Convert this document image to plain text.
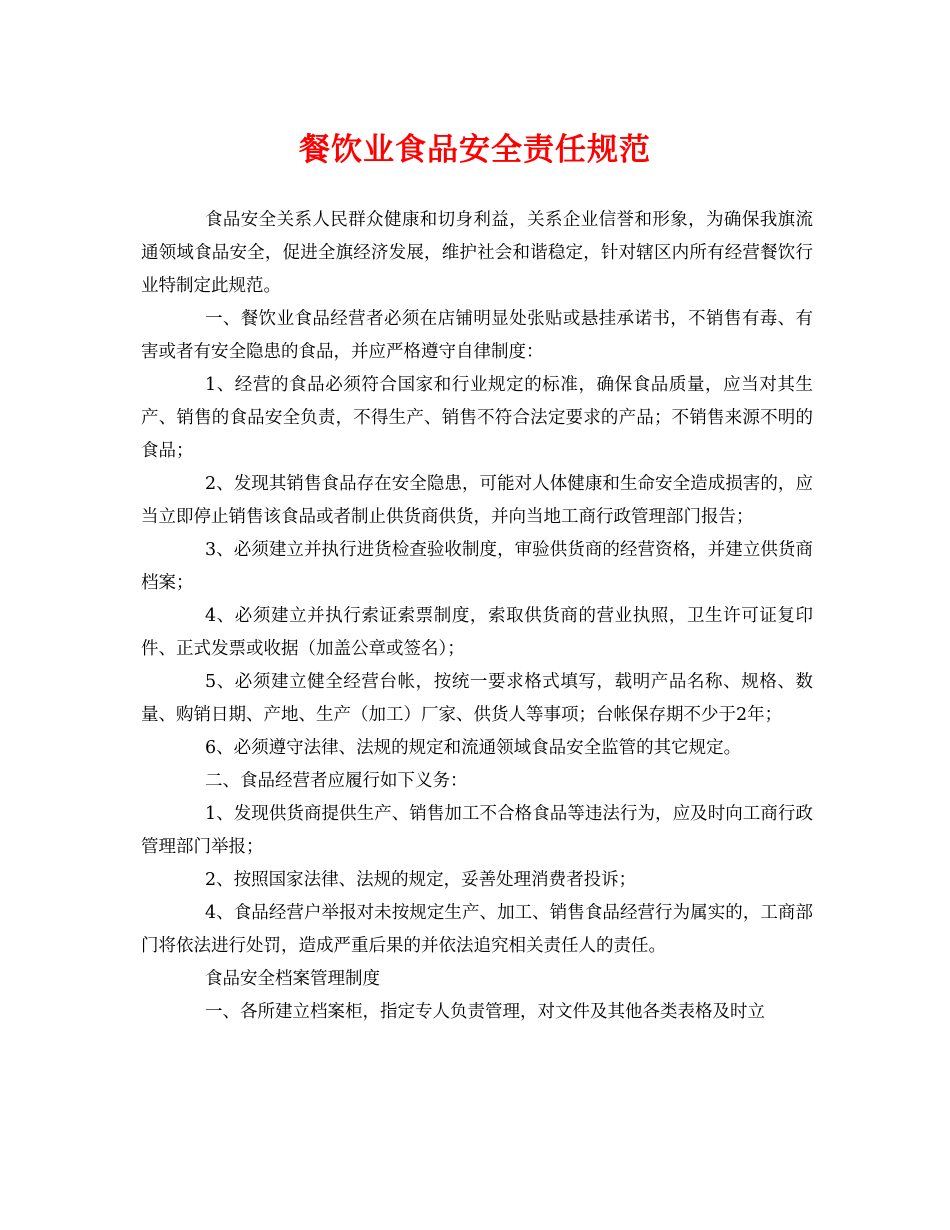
餐饮业食品安全责任规范

食品安全关系人民群众健康和切身利益，关系企业信誉和形象，为确保我旗流通领域食品安全，促进全旗经济发展，维护社会和谐稳定，针对辖区内所有经营餐饮行业特制定此规范。

一、餐饮业食品经营者必须在店铺明显处张贴或悬挂承诺书，不销售有毒、有害或者有安全隐患的食品，并应严格遵守自律制度：

1、经营的食品必须符合国家和行业规定的标准，确保食品质量，应当对其生产、销售的食品安全负责，不得生产、销售不符合法定要求的产品；不销售来源不明的食品；

2、发现其销售食品存在安全隐患，可能对人体健康和生命安全造成损害的，应当立即停止销售该食品或者制止供货商供货，并向当地工商行政管理部门报告；

3、必须建立并执行进货检查验收制度，审验供货商的经营资格，并建立供货商档案；

4、必须建立并执行索证索票制度，索取供货商的营业执照，卫生许可证复印件、正式发票或收据（加盖公章或签名）；

5、必须建立健全经营台帐，按统一要求格式填写，载明产品名称、规格、数量、购销日期、产地、生产（加工）厂家、供货人等事项；台帐保存期不少于2年；

6、必须遵守法律、法规的规定和流通领域食品安全监管的其它规定。

二、食品经营者应履行如下义务：

1、发现供货商提供生产、销售加工不合格食品等违法行为，应及时向工商行政管理部门举报；

2、按照国家法律、法规的规定，妥善处理消费者投诉；

4、食品经营户举报对未按规定生产、加工、销售食品经营行为属实的，工商部门将依法进行处罚，造成严重后果的并依法追究相关责任人的责任。

食品安全档案管理制度

一、各所建立档案柜，指定专人负责管理，对文件及其他各类表格及时立
